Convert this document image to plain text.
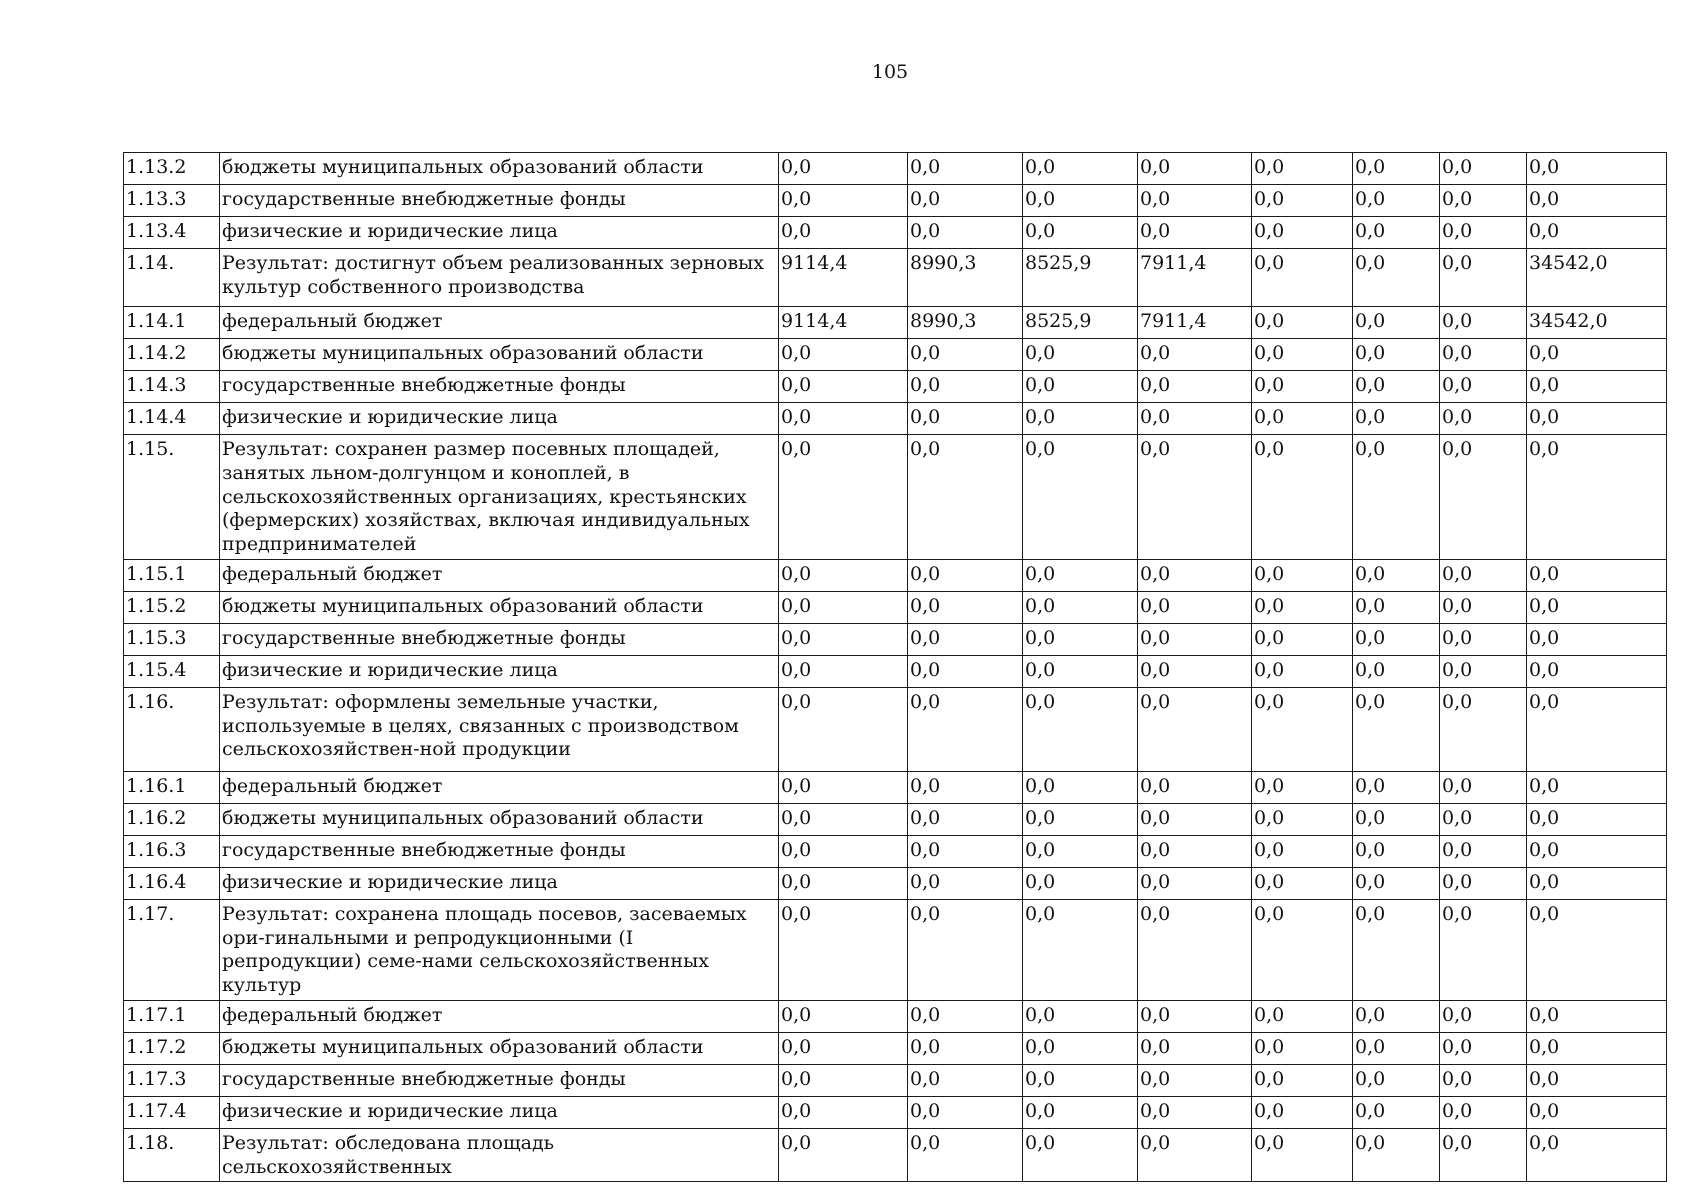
105
1.13.2	бюджеты муниципальных образований области	0,0	0,0	0,0	0,0	0,0	0,0	0,0	0,0
1.13.3	государственные внебюджетные фонды	0,0	0,0	0,0	0,0	0,0	0,0	0,0	0,0
1.13.4	физические и юридические лица	0,0	0,0	0,0	0,0	0,0	0,0	0,0	0,0
1.14.	Результат: достигнут объем реализованных зерновых культур собственного производства	9114,4	8990,3	8525,9	7911,4	0,0	0,0	0,0	34542,0
1.14.1	федеральный бюджет	9114,4	8990,3	8525,9	7911,4	0,0	0,0	0,0	34542,0
1.14.2	бюджеты муниципальных образований области	0,0	0,0	0,0	0,0	0,0	0,0	0,0	0,0
1.14.3	государственные внебюджетные фонды	0,0	0,0	0,0	0,0	0,0	0,0	0,0	0,0
1.14.4	физические и юридические лица	0,0	0,0	0,0	0,0	0,0	0,0	0,0	0,0
1.15.	Результат: сохранен размер посевных площадей, занятых льном-долгунцом и коноплей, в сельскохозяйственных организациях, крестьянских (фермерских) хозяйствах, включая индивидуальных предпринимателей	0,0	0,0	0,0	0,0	0,0	0,0	0,0	0,0
1.15.1	федеральный бюджет	0,0	0,0	0,0	0,0	0,0	0,0	0,0	0,0
1.15.2	бюджеты муниципальных образований области	0,0	0,0	0,0	0,0	0,0	0,0	0,0	0,0
1.15.3	государственные внебюджетные фонды	0,0	0,0	0,0	0,0	0,0	0,0	0,0	0,0
1.15.4	физические и юридические лица	0,0	0,0	0,0	0,0	0,0	0,0	0,0	0,0
1.16.	Результат: оформлены земельные участки, используемые в целях, связанных с производством сельскохозяйствен-ной продукции	0,0	0,0	0,0	0,0	0,0	0,0	0,0	0,0
1.16.1	федеральный бюджет	0,0	0,0	0,0	0,0	0,0	0,0	0,0	0,0
1.16.2	бюджеты муниципальных образований области	0,0	0,0	0,0	0,0	0,0	0,0	0,0	0,0
1.16.3	государственные внебюджетные фонды	0,0	0,0	0,0	0,0	0,0	0,0	0,0	0,0
1.16.4	физические и юридические лица	0,0	0,0	0,0	0,0	0,0	0,0	0,0	0,0
1.17.	Результат: сохранена площадь посевов, засеваемых ори-гинальными и репродукционными (I репродукции) семе-нами сельскохозяйственных культур	0,0	0,0	0,0	0,0	0,0	0,0	0,0	0,0
1.17.1	федеральный бюджет	0,0	0,0	0,0	0,0	0,0	0,0	0,0	0,0
1.17.2	бюджеты муниципальных образований области	0,0	0,0	0,0	0,0	0,0	0,0	0,0	0,0
1.17.3	государственные внебюджетные фонды	0,0	0,0	0,0	0,0	0,0	0,0	0,0	0,0
1.17.4	физические и юридические лица	0,0	0,0	0,0	0,0	0,0	0,0	0,0	0,0
1.18.	Результат: обследована площадь сельскохозяйственных	0,0	0,0	0,0	0,0	0,0	0,0	0,0	0,0
